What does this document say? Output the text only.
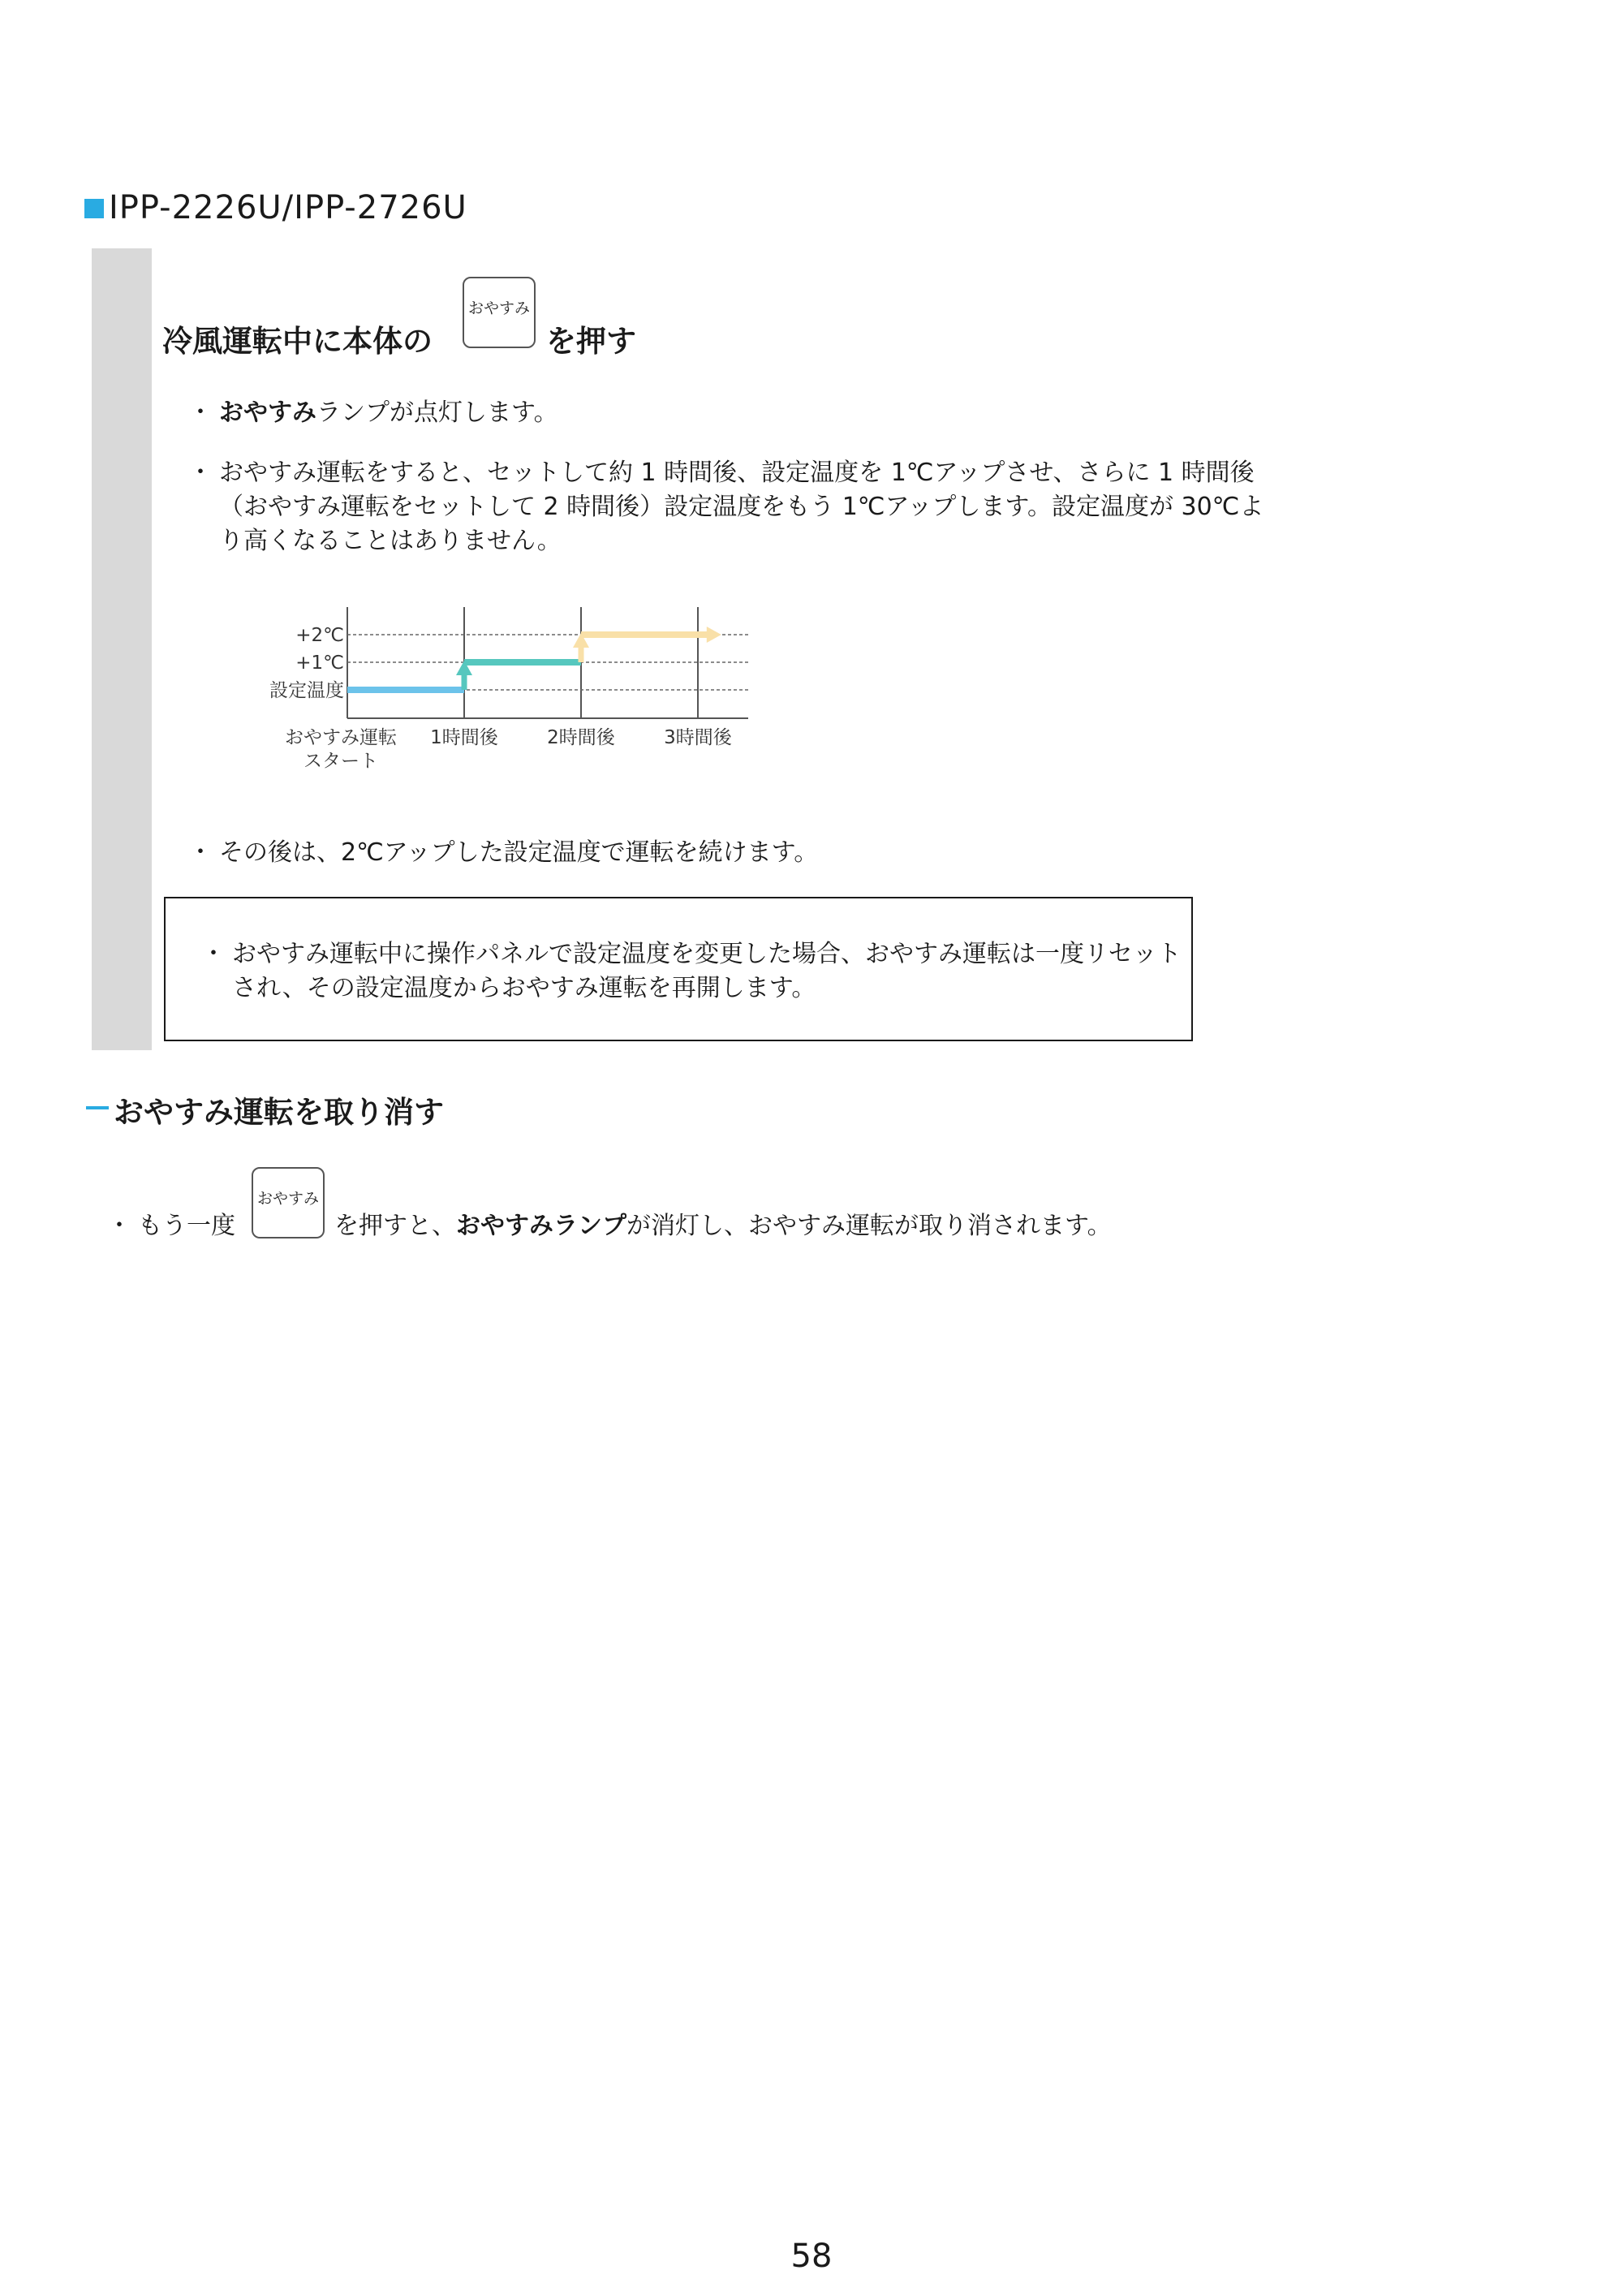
IPP-2226U/IPP-2726U
冷風運転中に本体の
おやすみ
を押す
・ おやすみランプが点灯します。
・ おやすみ運転をすると、セットして約 1 時間後、設定温度を 1℃アップさせ、さらに 1 時間後（おやすみ運転をセットして 2 時間後）設定温度をもう 1℃アップします。設定温度が 30℃より高くなることはありません。
+2℃
+1℃
設定温度
おやすみ運転 1時間後	2時間後	3時間後
スタート
・ その後は、2℃アップした設定温度で運転を続けます。
・ おやすみ運転中に操作パネルで設定温度を変更した場合、おやすみ運転は一度リセットされ、その設定温度からおやすみ運転を再開します。
おやすみ運転を取り消す
・ もう一度
おやすみ
を押すと、おやすみランプが消灯し、おやすみ運転が取り消されます。
58
